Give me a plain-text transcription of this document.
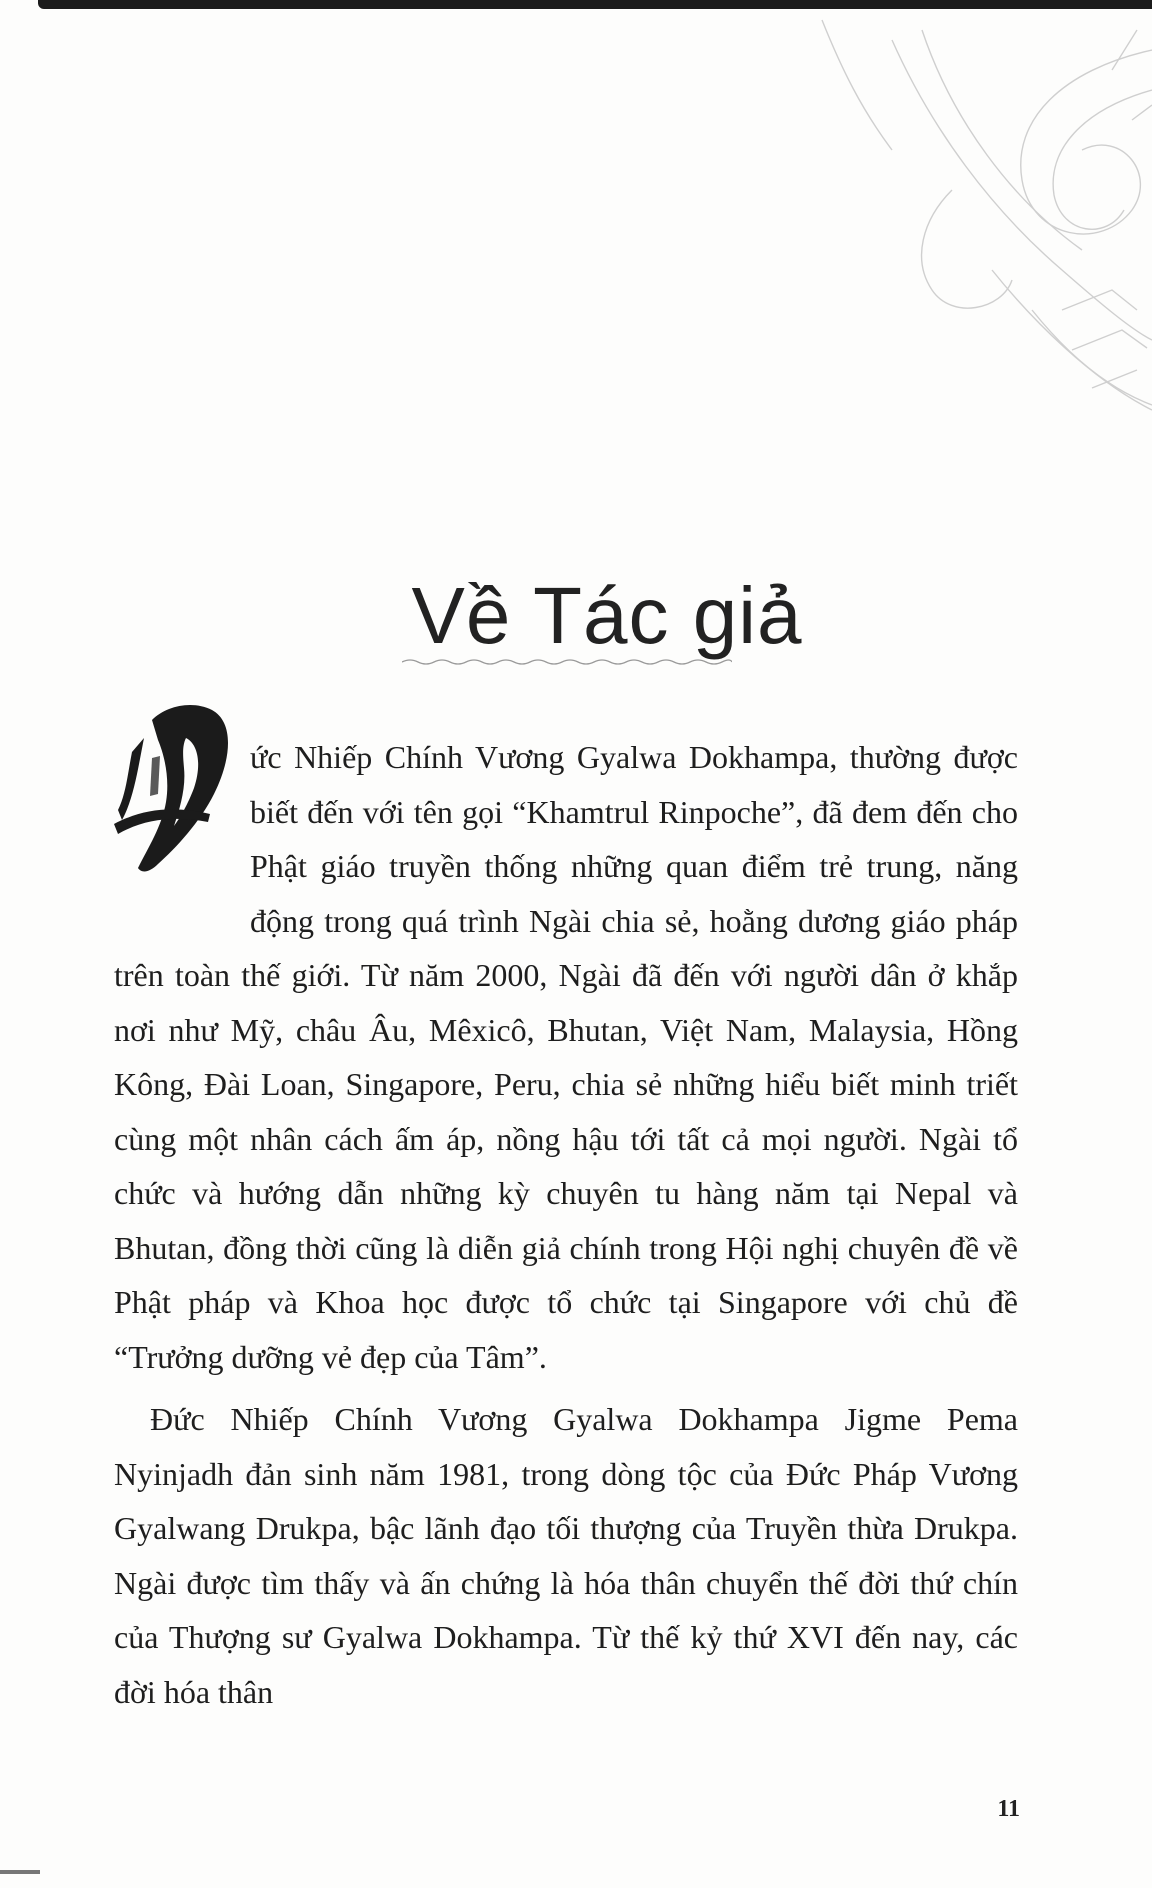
Về Tác giả

ức Nhiếp Chính Vương Gyalwa Dokhampa, thường được biết đến với tên gọi “Khamtrul Rinpoche”, đã đem đến cho Phật giáo truyền thống những quan điểm trẻ trung, năng động trong quá trình Ngài chia sẻ, hoằng dương giáo pháp trên toàn thế giới. Từ năm 2000, Ngài đã đến với người dân ở khắp nơi như Mỹ, châu Âu, Mêxicô, Bhutan, Việt Nam, Malaysia, Hồng Kông, Đài Loan, Singapore, Peru, chia sẻ những hiểu biết minh triết cùng một nhân cách ấm áp, nồng hậu tới tất cả mọi người. Ngài tổ chức và hướng dẫn những kỳ chuyên tu hàng năm tại Nepal và Bhutan, đồng thời cũng là diễn giả chính trong Hội nghị chuyên đề về Phật pháp và Khoa học được tổ chức tại Singapore với chủ đề “Trưởng dưỡng vẻ đẹp của Tâm”.

Đức Nhiếp Chính Vương Gyalwa Dokhampa Jigme Pema Nyinjadh đản sinh năm 1981, trong dòng tộc của Đức Pháp Vương Gyalwang Drukpa, bậc lãnh đạo tối thượng của Truyền thừa Drukpa. Ngài được tìm thấy và ấn chứng là hóa thân chuyển thế đời thứ chín của Thượng sư Gyalwa Dokhampa. Từ thế kỷ thứ XVI đến nay, các đời hóa thân

11
